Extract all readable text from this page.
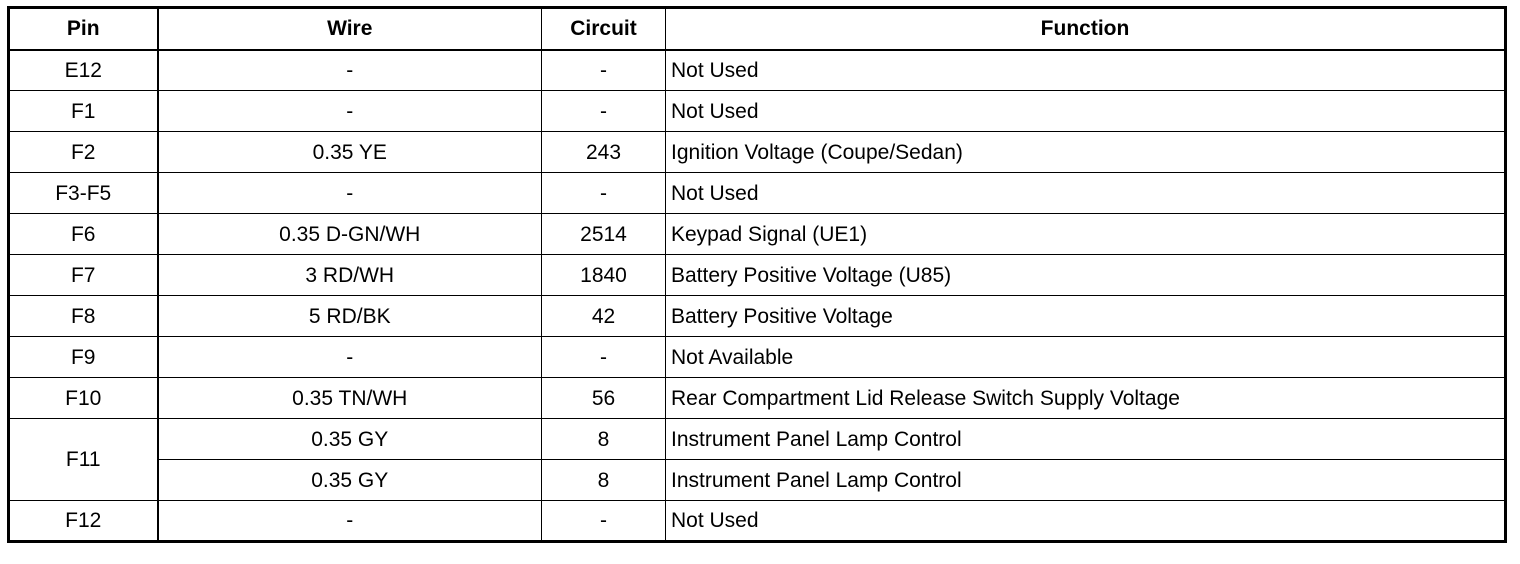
Pin	Wire	Circuit	Function
E12	-	-	Not Used
F1	-	-	Not Used
F2	0.35 YE	243	Ignition Voltage (Coupe/Sedan)
F3-F5	-	-	Not Used
F6	0.35 D-GN/WH	2514	Keypad Signal (UE1)
F7	3 RD/WH	1840	Battery Positive Voltage (U85)
F8	5 RD/BK	42	Battery Positive Voltage
F9	-	-	Not Available
F10	0.35 TN/WH	56	Rear Compartment Lid Release Switch Supply Voltage
F11	0.35 GY	8	Instrument Panel Lamp Control
	0.35 GY	8	Instrument Panel Lamp Control
F12	-	-	Not Used
